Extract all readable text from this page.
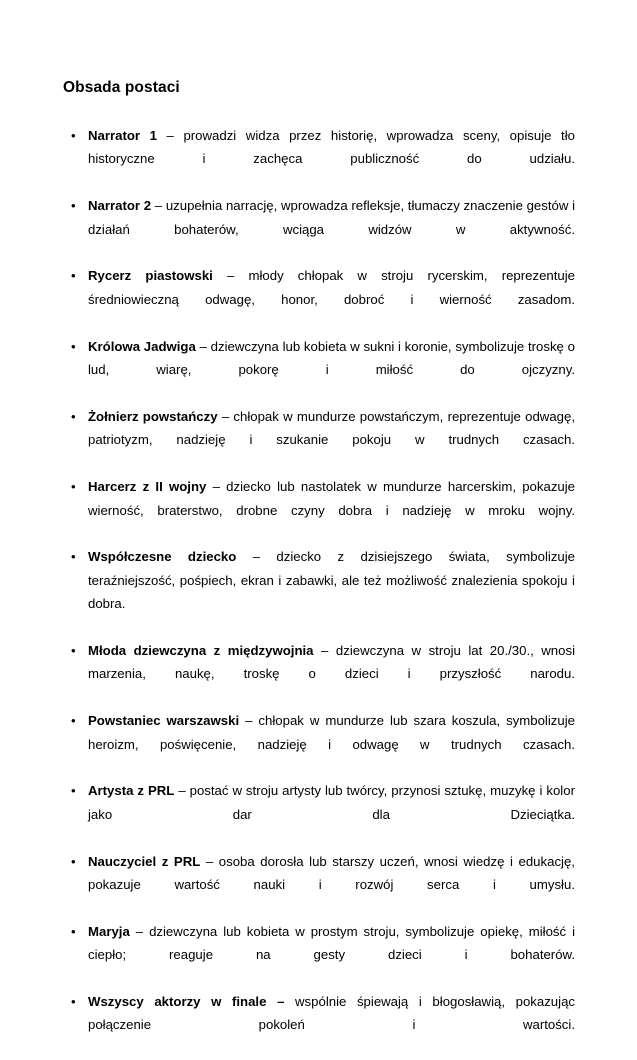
Obsada postaci
• Narrator 1 – prowadzi widza przez historię, wprowadza sceny, opisuje tło historyczne i zachęca publiczność do udziału.
• Narrator 2 – uzupełnia narrację, wprowadza refleksje, tłumaczy znaczenie gestów i działań bohaterów, wciąga widzów w aktywność.
• Rycerz piastowski – młody chłopak w stroju rycerskim, reprezentuje średniowieczną odwagę, honor, dobroć i wierność zasadom.
• Królowa Jadwiga – dziewczyna lub kobieta w sukni i koronie, symbolizuje troskę o lud, wiarę, pokorę i miłość do ojczyzny.
• Żołnierz powstańczy – chłopak w mundurze powstańczym, reprezentuje odwagę, patriotyzm, nadzieję i szukanie pokoju w trudnych czasach.
• Harcerz z II wojny – dziecko lub nastolatek w mundurze harcerskim, pokazuje wierność, braterstwo, drobne czyny dobra i nadzieję w mroku wojny.
• Współczesne dziecko – dziecko z dzisiejszego świata, symbolizuje teraźniejszość, pośpiech, ekran i zabawki, ale też możliwość znalezienia spokoju i dobra.
• Młoda dziewczyna z międzywojnia – dziewczyna w stroju lat 20./30., wnosi marzenia, naukę, troskę o dzieci i przyszłość narodu.
• Powstaniec warszawski – chłopak w mundurze lub szara koszula, symbolizuje heroizm, poświęcenie, nadzieję i odwagę w trudnych czasach.
• Artysta z PRL – postać w stroju artysty lub twórcy, przynosi sztukę, muzykę i kolor jako dar dla Dzieciątka.
• Nauczyciel z PRL – osoba dorosła lub starszy uczeń, wnosi wiedzę i edukację, pokazuje wartość nauki i rozwój serca i umysłu.
• Maryja – dziewczyna lub kobieta w prostym stroju, symbolizuje opiekę, miłość i ciepło; reaguje na gesty dzieci i bohaterów.
• Wszyscy aktorzy w finale – wspólnie śpiewają i błogosławią, pokazując połączenie pokoleń i wartości.
